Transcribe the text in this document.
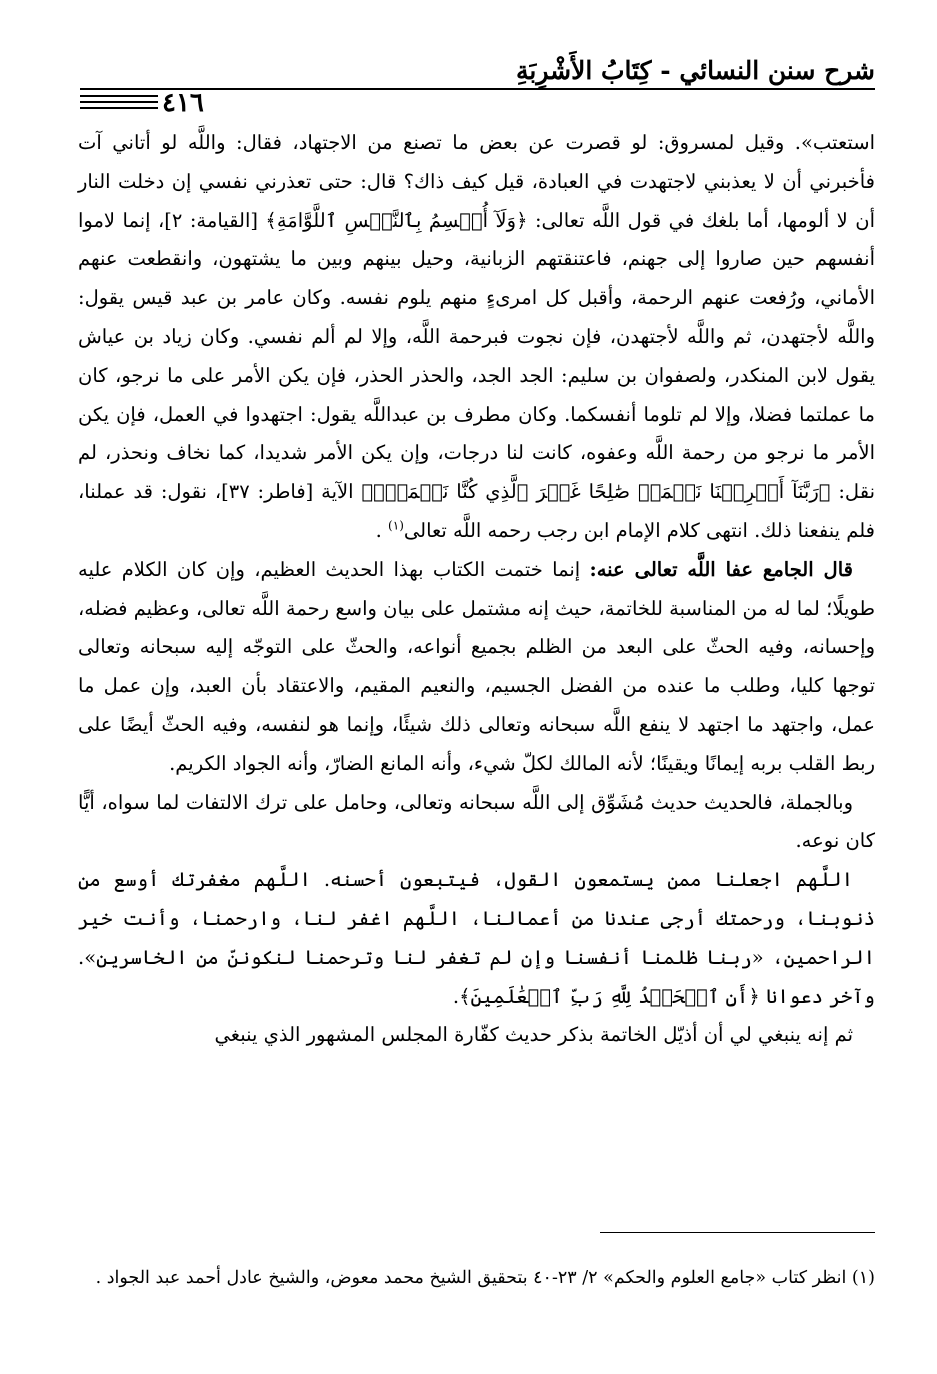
شرح سنن النسائي - كِتَابُ الأَشْرِبَةِ
٤١٦

استعتب». وقيل لمسروق: لو قصرت عن بعض ما تصنع من الاجتهاد، فقال: واللَّه لو أتاني آت فأخبرني أن لا يعذبني لاجتهدت في العبادة، قيل كيف ذاك؟ قال: حتى تعذرني نفسي إن دخلت النار أن لا ألومها، أما بلغك في قول اللَّه تعالى: ﴿وَلَآ أُقۡسِمُ بِٱلنَّفۡسِ ٱللَّوَّامَةِ﴾ [القيامة: ٢]، إنما لاموا أنفسهم حين صاروا إلى جهنم، فاعتنقتهم الزبانية، وحيل بينهم وبين ما يشتهون، وانقطعت عنهم الأماني، ورُفعت عنهم الرحمة، وأقبل كل امرىءٍ منهم يلوم نفسه. وكان عامر بن عبد قيس يقول: واللَّه لأجتهدن، ثم واللَّه لأجتهدن، فإن نجوت فبرحمة اللَّه، وإلا لم ألم نفسي. وكان زياد بن عياش يقول لابن المنكدر، ولصفوان بن سليم: الجد الجد، والحذر الحذر، فإن يكن الأمر على ما نرجو، كان ما عملتما فضلا، وإلا لم تلوما أنفسكما. وكان مطرف بن عبداللَّه يقول: اجتهدوا في العمل، فإن يكن الأمر ما نرجو من رحمة اللَّه وعفوه، كانت لنا درجات، وإن يكن الأمر شديدا، كما نخاف ونحذر، لم نقل: ﴿رَبَّنَآ أَخۡرِجۡنَا نَعۡمَلۡ صَٰلِحًا غَيۡرَ ٱلَّذِي كُنَّا نَعۡمَلُۚ﴾ الآية [فاطر: ٣٧]، نقول: قد عملنا، فلم ينفعنا ذلك. انتهى كلام الإمام ابن رجب رحمه اللَّه تعالى$^{(١)}$ .

قال الجامع عفا اللَّه تعالى عنه: إنما ختمت الكتاب بهذا الحديث العظيم، وإن كان الكلام عليه طويلًا؛ لما له من المناسبة للخاتمة، حيث إنه مشتمل على بيان واسع رحمة اللَّه تعالى، وعظيم فضله، وإحسانه، وفيه الحثّ على البعد من الظلم بجميع أنواعه، والحثّ على التوجّه إليه سبحانه وتعالى توجها كليا، وطلب ما عنده من الفضل الجسيم، والنعيم المقيم، والاعتقاد بأن العبد، وإن عمل ما عمل، واجتهد ما اجتهد لا ينفع اللَّه سبحانه وتعالى ذلك شيئًا، وإنما هو لنفسه، وفيه الحثّ أيضًا على ربط القلب بربه إيمانًا ويقينًا؛ لأنه المالك لكلّ شيء، وأنه المانع الضارّ، وأنه الجواد الكريم.

وبالجملة، فالحديث حديث مُشَوِّق إلى اللَّه سبحانه وتعالى، وحامل على ترك الالتفات لما سواه، أيًّا كان نوعه.

اللَّهم اجعلنا ممن يستمعون القول، فيتبعون أحسنه. اللَّهم مغفرتك أوسع من ذنوبنا، ورحمتك أرجى عندنا من أعمالنا، اللَّهم اغفر لنا، وارحمنا، وأنت خير الراحمين، «ربنا ظلمنا أنفسنا وإن لم تغفر لنا وترحمنا لنكوننّ من الخاسرين». وآخر دعوانا ﴿أَنِ ٱلۡحَمۡدُ لِلَّهِ رَبِّ ٱلۡعَٰلَمِينَ﴾.

ثم إنه ينبغي لي أن أذيّل الخاتمة بذكر حديث كفّارة المجلس المشهور الذي ينبغي

(١) انظر كتاب «جامع العلوم والحكم» ٢/ ٢٣-٤٠ بتحقيق الشيخ محمد معوض، والشيخ عادل أحمد عبد الجواد .
